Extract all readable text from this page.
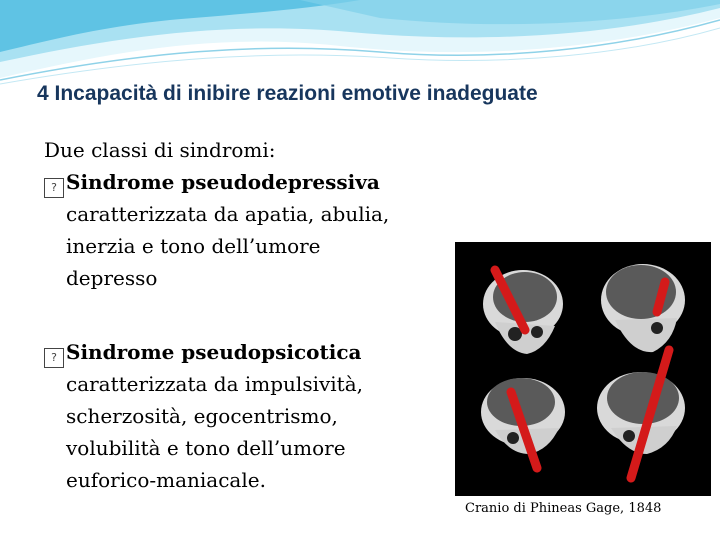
4 Incapacità di inibire reazioni emotive inadeguate

Due classi di sindromi:

? Sindrome pseudodepressiva
caratterizzata da apatia, abulia,
inerzia e tono dell’umore
depresso
? Sindrome pseudopsicotica
caratterizzata da impulsività,
scherzosità, egocentrismo,
volubilità e tono dell’umore
euforico-maniacale.
Cranio di Phineas Gage, 1848
